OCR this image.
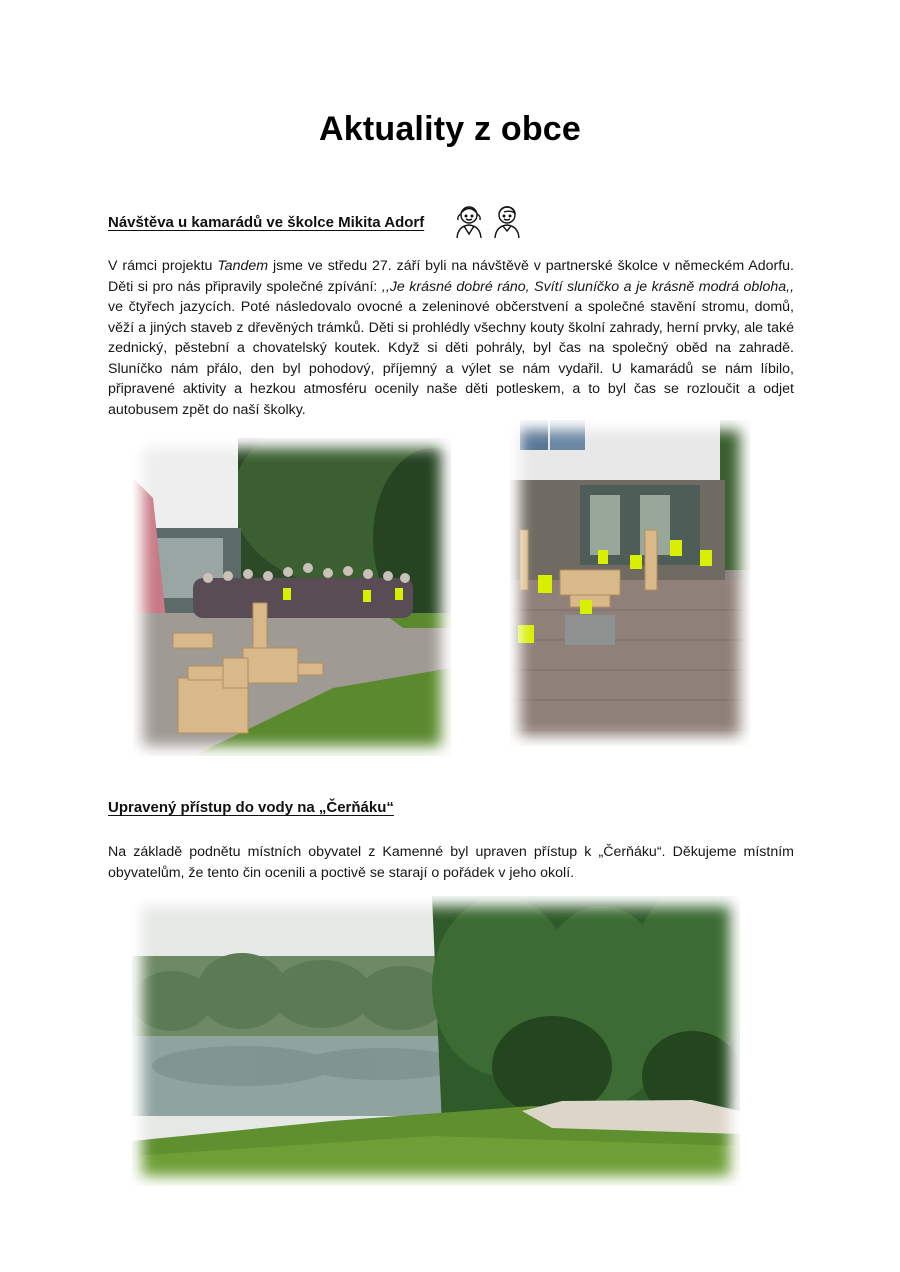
Aktuality z obce
Návštěva u kamarádů ve školce Mikita Adorf

V rámci projektu Tandem jsme ve středu 27. září byli na návštěvě v partnerské školce v německém Adorfu. Děti si pro nás připravily společné zpívání: ,,Je krásné dobré ráno, Svítí sluníčko a je krásně modrá obloha,, ve čtyřech jazycích. Poté následovalo ovocné a zeleninové občerstvení a společné stavění stromu, domů, věží a jiných staveb z dřevěných trámků. Děti si prohlédly všechny kouty školní zahrady, herní prvky, ale také zednický, pěstební a chovatelský koutek. Když si děti pohrály, byl čas na společný oběd na zahradě. Sluníčko nám přálo, den byl pohodový, příjemný a výlet se nám vydařil. U kamarádů se nám líbilo, připravené aktivity a hezkou atmosféru ocenily naše děti potleskem, a to byl čas se rozloučit a odjet autobusem zpět do naší školky.

Upravený přístup do vody na „Čerňáku“

Na základě podnětu místních obyvatel z Kamenné byl upraven přístup k „Čerňáku“. Děkujeme místním obyvatelům, že tento čin ocenili a poctivě se starají o pořádek v jeho okolí.
